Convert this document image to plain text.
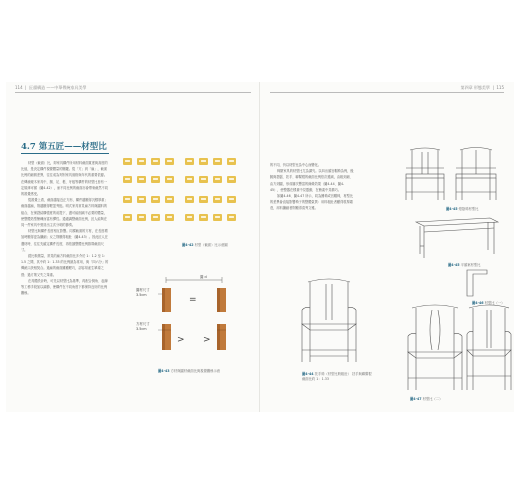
114  |  匠韻構造 ——中華傳統家具美學
4.7 第五匠——材型比

材型（截面）比，即家具構件所用材料截面寬度與高度的比值，是決定構件視覺體量的關鍵。從「方」到「扁」，截面比例的細微差異，往往成為判別家具風格與年代的重要依據。在傳統硬木家具中，腿、足、棖、牙板等構件的材型比皆有一定規律可循（圖4-42），而不同比例的截面亦會帶來截然不同的視覺感受。

從視覺上看，截面越接近正方形，構件越顯得沉穩厚重；截面越扁，則越顯得輕盈秀挺。明式家具常見扁方料與圓料的組合，在保證結構強度的前提下，盡可能削減不必要的體量，使整體造型簡練而富有彈性。通過調整截面比例，匠人能夠在同一件家具中營造出主次分明的節奏。

材型比與構件長度相互影響。同樣截面的方材，在長度增加時顯得更為纖細；反之則顯得粗壯（圖4-43）。因此匠人在選材時，往往先確定構件長度，再依據整體比例推算截面尺寸。

經比較測量，常見的扁方料截面比多介於 1：1.2 至 1：1.5 之間，其中約 1：1.33 的比例最為常用，與「四六分」的傳統口訣相契合。過扁的截面雖顯輕巧，卻容易產生單薄之感；過方則又失之笨重。

在具體設計時，可先以材型比為基準，再配合倒角、起線等工藝手段加以調節，使構件在不同角度下都保持良好的比例關係。

圖4-42 材型（截面）比示意圖
=
> >
圓 d
圓材尺寸 3.5cm
方材尺寸 3.5cm
圖4-43 方材與圓材截面比與視覺關係示意
第四章 形態美學  |  115

的不同，仍以材型比為中心而變化。

椅類家具的材型比尤為講究。以四出頭官帽椅為例，後腿與搭腦、扶手、聯幫棍的截面比例依次遞減，由粗到細、由方到圓，形成層次豐富的線條效果（圖4-44、圖4-45），使整器在穩重中見靈動，在簡素中見精巧。

如圖4-46、圖4-47 所示，同為圈椅或官帽椅，材型比的差異會直接影響椅子的整體氣質：用料粗壯者顯得敦厚端莊，用料纖細者則顯得清秀文雅。	圖4-45 燈掛椅材型比
圖4-45 平頭案材型比
圖4-46 材型比（一）
圖4-44 扶手椅（材型比較粗壯） 扶手與聯幫棍截面比約 1：1.33
圖4-47 材型比（二）
